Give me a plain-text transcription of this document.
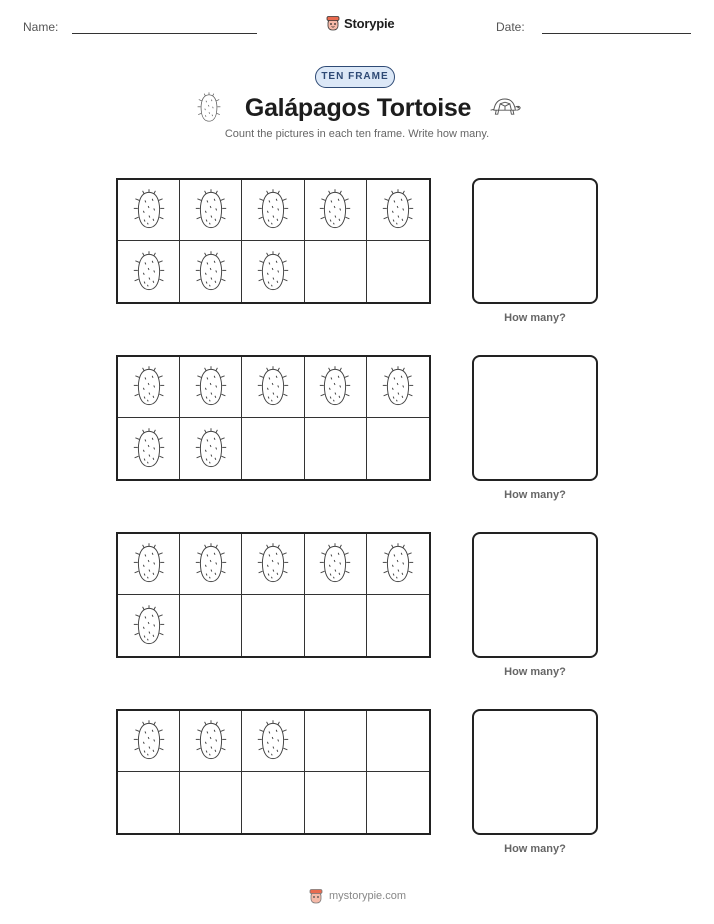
Name:	Storypie	Date:
TEN FRAME
Galápagos Tortoise
Count the pictures in each ten frame. Write how many.
How many?
How many?
How many?
How many?
mystorypie.com
